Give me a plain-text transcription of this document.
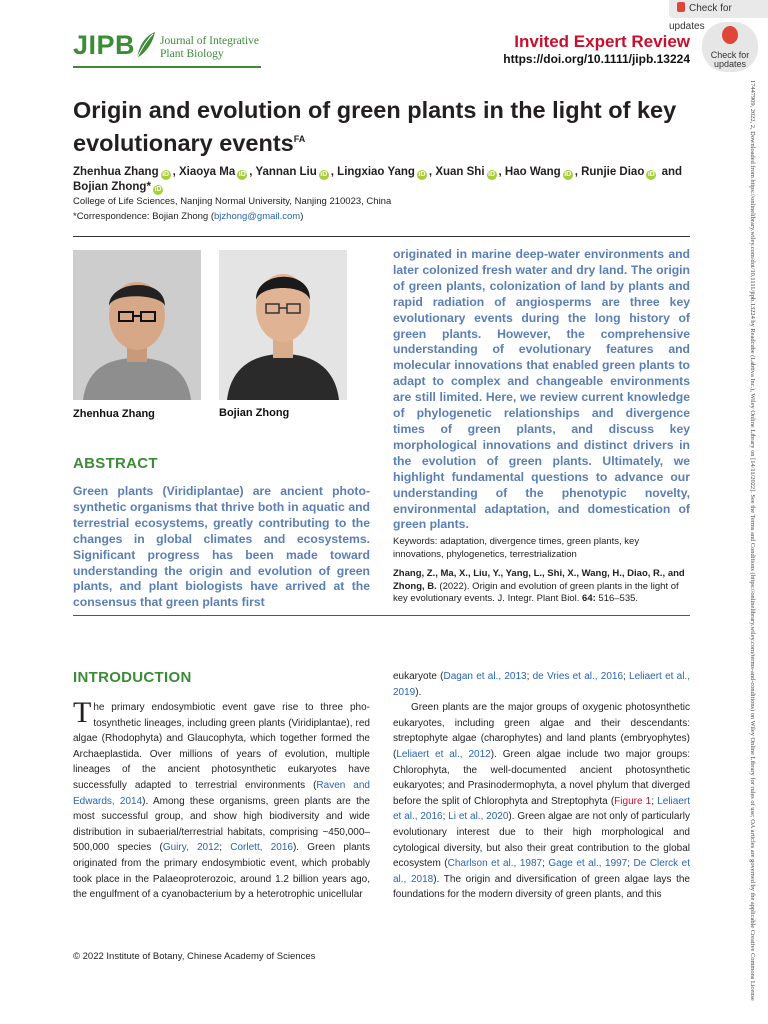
Check for updates
Check for
updates
JIPB Journal of Integrative
Plant Biology
Invited Expert Review
https://doi.org/10.1111/jipb.13224
17447909, 2022, 2, Downloaded from https://onlinelibrary.wiley.com/doi/10.1111/jipb.13224 by Readcube (Labtiva Inc.), Wiley Online Library on [14/11/2022]. See the Terms and Conditions (https://onlinelibrary.wiley.com/terms-and-conditions) on Wiley Online Library for rules of use; OA articles are governed by the applicable Creative Commons License
Origin and evolution of green plants in the light of key evolutionary events$^{FA}$
Zhenhua Zhang iD , Xiaoya Ma iD , Yannan Liu iD , Lingxiao Yang iD , Xuan Shi iD , Hao Wang iD , Runjie Diao iD and
Bojian Zhong* iD
College of Life Sciences, Nanjing Normal University, Nanjing 210023, China
*Correspondence: Bojian Zhong (bjzhong@gmail.com)
Zhenhua Zhang	Bojian Zhong
ABSTRACT
Green plants (Viridiplantae) are ancient photosynthetic organisms that thrive both in aquatic and terrestrial ecosystems, greatly contributing to the changes in global climates and ecosystems. Significant progress has been made toward understanding the origin and evolution of green plants, and plant biologists have arrived at the consensus that green plants first
originated in marine deep-water environments and later colonized fresh water and dry land. The origin of green plants, colonization of land by plants and rapid radiation of angiosperms are three key evolutionary events during the long history of green plants. However, the comprehensive understanding of evolutionary features and molecular innovations that enabled green plants to adapt to complex and changeable environments are still limited. Here, we review current knowledge of phylogenetic relationships and divergence times of green plants, and discuss key morphological innovations and distinct drivers in the evolution of green plants. Ultimately, we highlight fundamental questions to advance our understanding of the phenotypic novelty, environmental adaptation, and domestication of green plants.
Keywords: adaptation, divergence times, green plants, key innovations, phylogenetics, terrestrialization
Zhang, Z., Ma, X., Liu, Y., Yang, L., Shi, X., Wang, H., Diao, R., and Zhong, B. (2022). Origin and evolution of green plants in the light of key evolutionary events. J. Integr. Plant Biol. 64: 516–535.
INTRODUCTION
The primary endosymbiotic event gave rise to three photosynthetic lineages, including green plants (Viridiplantae), red algae (Rhodophyta) and Glaucophyta, which together formed the Archaeplastida. Over millions of years of evolution, multiple lineages of the ancient photosynthetic eukaryotes have successfully adapted to terrestrial environments (Raven and Edwards, 2014). Among these organisms, green plants are the most successful group, and show high biodiversity and wide distribution in subaerial/terrestrial habitats, comprising ~450,000–500,000 species (Guiry, 2012; Corlett, 2016). Green plants originated from the primary endosymbiotic event, which probably took place in the Palaeoproterozoic, around 1.2 billion years ago, the engulfment of a cyanobacterium by a heterotrophic unicellular
eukaryote (Dagan et al., 2013; de Vries et al., 2016; Leliaert et al., 2019).
Green plants are the major groups of oxygenic photosynthetic eukaryotes, including green algae and their descendants: streptophyte algae (charophytes) and land plants (embryophytes) (Leliaert et al., 2012). Green algae include two major groups: Chlorophyta, the well-documented ancient photosynthetic eukaryotes; and Prasinodermophyta, a novel phylum that diverged before the split of Chlorophyta and Streptophyta (Figure 1; Leliaert et al., 2016; Li et al., 2020). Green algae are not only of particularly evolutionary interest due to their high morphological and cytological diversity, but also their great contribution to the global ecosystem (Charlson et al., 1987; Gage et al., 1997; De Clerck et al., 2018). The origin and diversification of green algae lays the foundations for the modern diversity of green plants, and this
© 2022 Institute of Botany, Chinese Academy of Sciences
